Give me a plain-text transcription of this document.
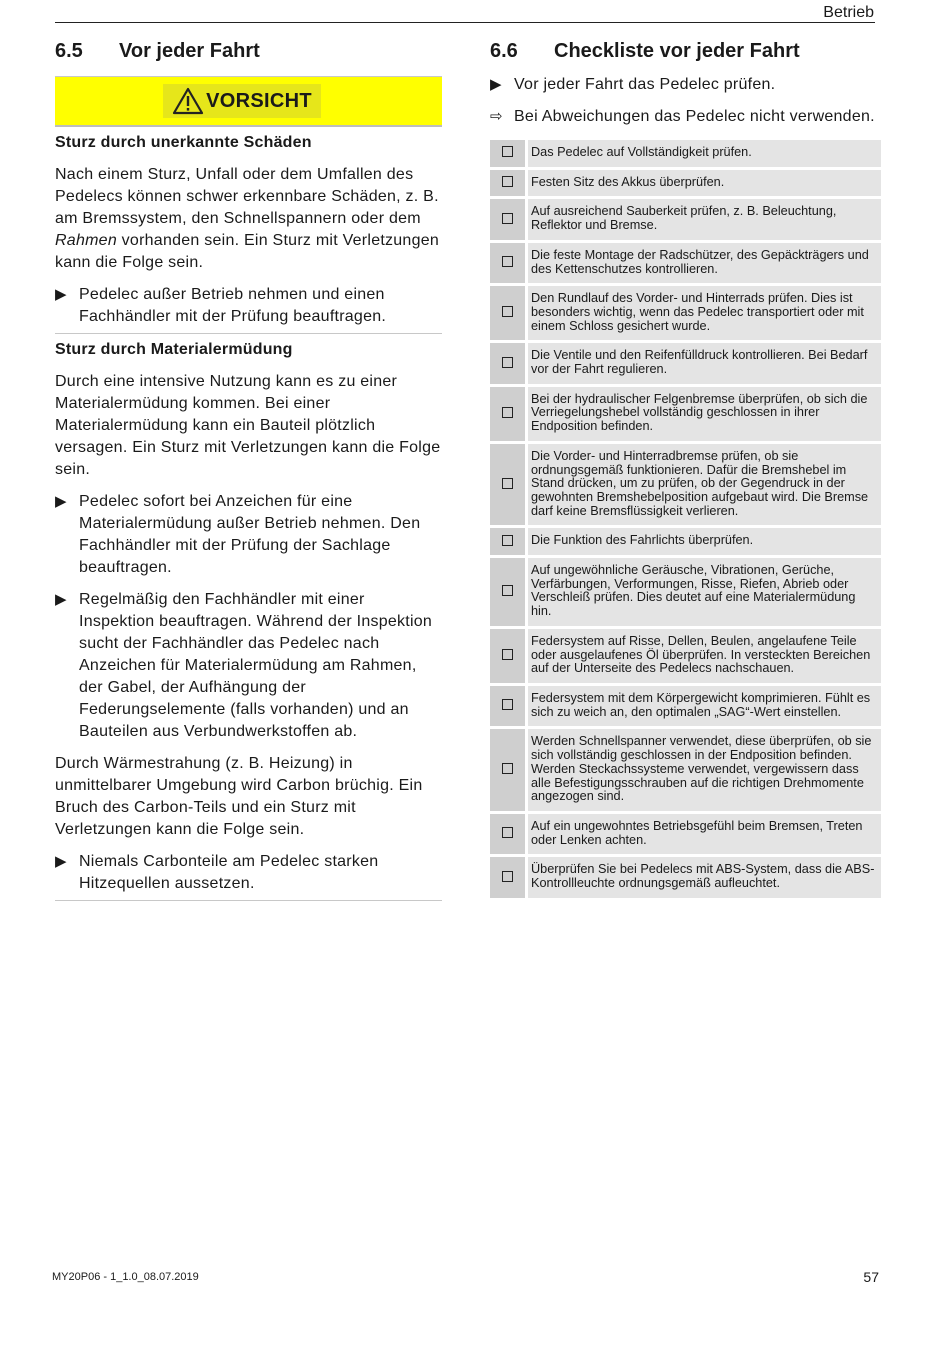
Betrieb
6.5	Vor jeder Fahrt
VORSICHT
Sturz durch unerkannte Schäden
Nach einem Sturz, Unfall oder dem Umfallen des Pedelecs können schwer erkennbare Schäden, z. B. am Bremssystem, den Schnellspannern oder dem Rahmen vorhanden sein. Ein Sturz mit Verletzungen kann die Folge sein.
▶ Pedelec außer Betrieb nehmen und einen Fachhändler mit der Prüfung beauftragen.
Sturz durch Materialermüdung
Durch eine intensive Nutzung kann es zu einer Materialermüdung kommen. Bei einer Materialermüdung kann ein Bauteil plötzlich versagen. Ein Sturz mit Verletzungen kann die Folge sein.
▶ Pedelec sofort bei Anzeichen für eine Materialermüdung außer Betrieb nehmen. Den Fachhändler mit der Prüfung der Sachlage beauftragen.
▶ Regelmäßig den Fachhändler mit einer Inspektion beauftragen. Während der Inspektion sucht der Fachhändler das Pedelec nach Anzeichen für Materialermüdung am Rahmen, der Gabel, der Aufhängung der Federungselemente (falls vorhanden) und an Bauteilen aus Verbundwerkstoffen ab.
Durch Wärmestrahung (z. B. Heizung) in unmittelbarer Umgebung wird Carbon brüchig. Ein Bruch des Carbon-Teils und ein Sturz mit Verletzungen kann die Folge sein.
▶ Niemals Carbonteile am Pedelec starken Hitzequellen aussetzen.
6.6	Checkliste vor jeder Fahrt
▶ Vor jeder Fahrt das Pedelec prüfen.
⇨ Bei Abweichungen das Pedelec nicht verwenden.
	Das Pedelec auf Vollständigkeit prüfen.
	Festen Sitz des Akkus überprüfen.
	Auf ausreichend Sauberkeit prüfen, z. B. Beleuchtung, Reflektor und Bremse.
	Die feste Montage der Radschützer, des Gepäckträgers und des Kettenschutzes kontrollieren.
	Den Rundlauf des Vorder- und Hinterrads prüfen. Dies ist besonders wichtig, wenn das Pedelec transportiert oder mit einem Schloss gesichert wurde.
	Die Ventile und den Reifenfülldruck kontrollieren. Bei Bedarf vor der Fahrt regulieren.
	Bei der hydraulischer Felgenbremse überprüfen, ob sich die Verriegelungshebel vollständig geschlossen in ihrer Endposition befinden.
	Die Vorder- und Hinterradbremse prüfen, ob sie ordnungsgemäß funktionieren. Dafür die Bremshebel im Stand drücken, um zu prüfen, ob der Gegendruck in der gewohnten Bremshebelposition aufgebaut wird. Die Bremse darf keine Bremsflüssigkeit verlieren.
	Die Funktion des Fahrlichts überprüfen.
	Auf ungewöhnliche Geräusche, Vibrationen, Gerüche, Verfärbungen, Verformungen, Risse, Riefen, Abrieb oder Verschleiß prüfen. Dies deutet auf eine Materialermüdung hin.
	Federsystem auf Risse, Dellen, Beulen, angelaufene Teile oder ausgelaufenes Öl überprüfen. In versteckten Bereichen auf der Unterseite des Pedelecs nachschauen.
	Federsystem mit dem Körpergewicht komprimieren. Fühlt es sich zu weich an, den optimalen „SAG“-Wert einstellen.
	Werden Schnellspanner verwendet, diese überprüfen, ob sie sich vollständig geschlossen in der Endposition befinden. Werden Steckachssysteme verwendet, vergewissern dass alle Befestigungsschrauben auf die richtigen Drehmomente angezogen sind.
	Auf ein ungewohntes Betriebsgefühl beim Bremsen, Treten oder Lenken achten.
	Überprüfen Sie bei Pedelecs mit ABS-System, dass die ABS-Kontrollleuchte ordnungsgemäß aufleuchtet.
MY20P06 - 1_1.0_08.07.2019	57
